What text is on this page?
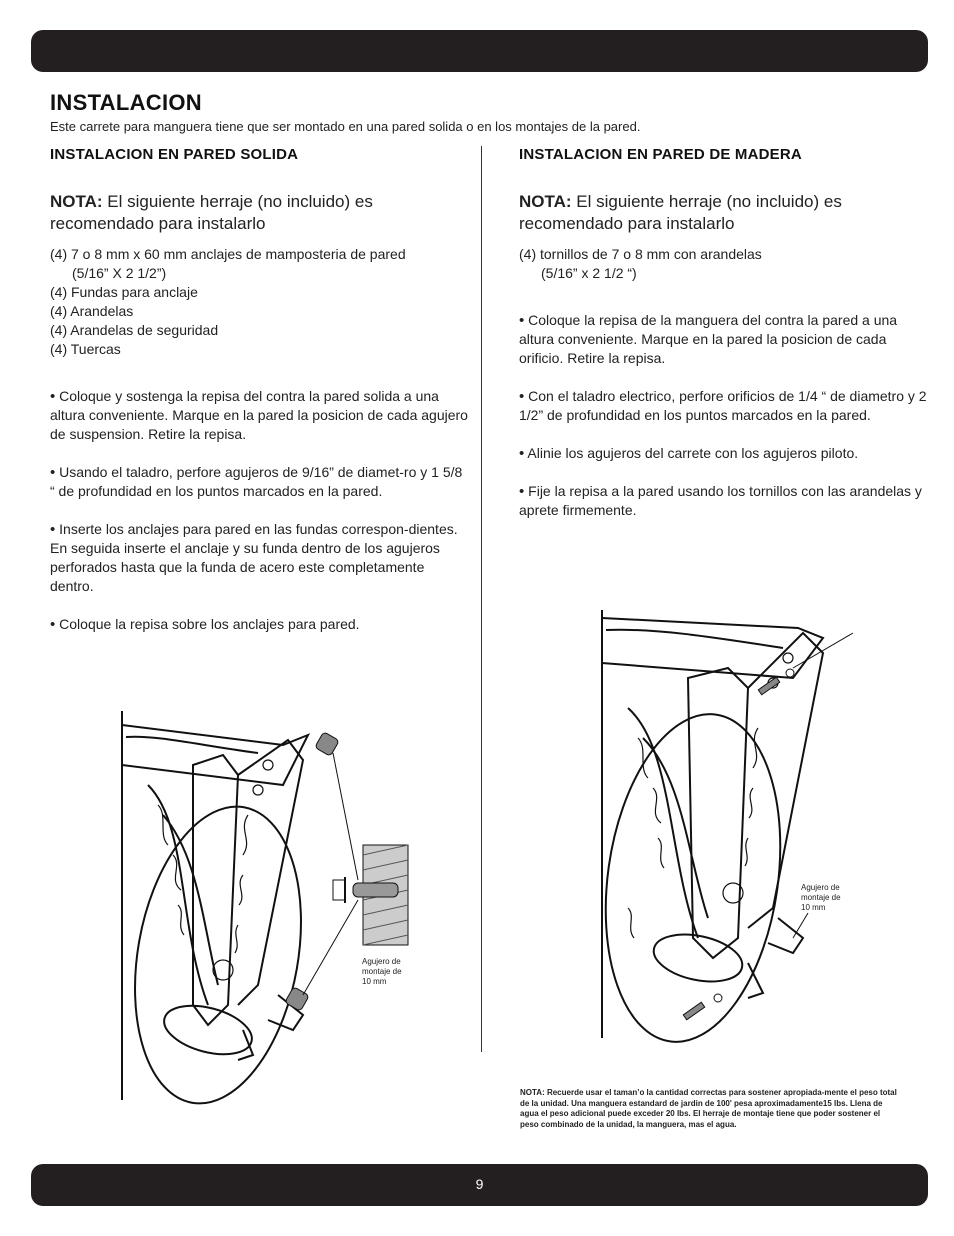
INSTALACION
Este carrete para manguera tiene que ser montado en una pared solida o en los montajes de la pared.
INSTALACION EN PARED SOLIDA

NOTA: El siguiente herraje (no incluido) es recomendado para instalarlo

(4) 7 o 8 mm x 60 mm anclajes de mamposteria de pared
(5/16” X 2 1/2”)
(4) Fundas para anclaje
(4) Arandelas
(4) Arandelas de seguridad
(4) Tuercas

• Coloque y sostenga la repisa del contra la pared solida a una altura conveniente. Marque en la pared la posicion de cada agujero de suspension. Retire la repisa.

• Usando el taladro, perfore agujeros de 9/16” de diamet-ro y 1 5/8 “ de profundidad en los puntos marcados en la pared.

• Inserte los anclajes para pared en las fundas correspon-dientes. En seguida inserte el anclaje y su funda dentro de los agujeros perforados hasta que la funda de acero este completamente dentro.

• Coloque la repisa sobre los anclajes para pared.

INSTALACION EN PARED DE MADERA

NOTA: El siguiente herraje (no incluido) es recomendado para instalarlo

(4) tornillos de 7 o 8 mm con arandelas
(5/16” x 2 1/2 “)

• Coloque la repisa de la manguera del contra la pared a una altura conveniente. Marque en la pared la posicion de cada orificio. Retire la repisa.

• Con el taladro electrico, perfore orificios de 1/4 “ de diametro y 2 1/2” de profundidad en los puntos marcados en la pared.

• Alinie los agujeros del carrete con los agujeros piloto.

• Fije la repisa a la pared usando los tornillos con las arandelas y aprete firmemente.

Agujero de
montaje de
10 mm
Agujero de
montaje de
10 mm
NOTA: Recuerde usar el taman’o la cantidad correctas para sostener apropiada-mente el peso total de la unidad. Una manguera estandard de jardin de 100' pesa aproximadamente15 lbs. Llena de agua el peso adicional puede exceder 20 lbs. El herraje de montaje tiene que poder sostener el peso combinado de la unidad, la manguera, mas el agua.
9
